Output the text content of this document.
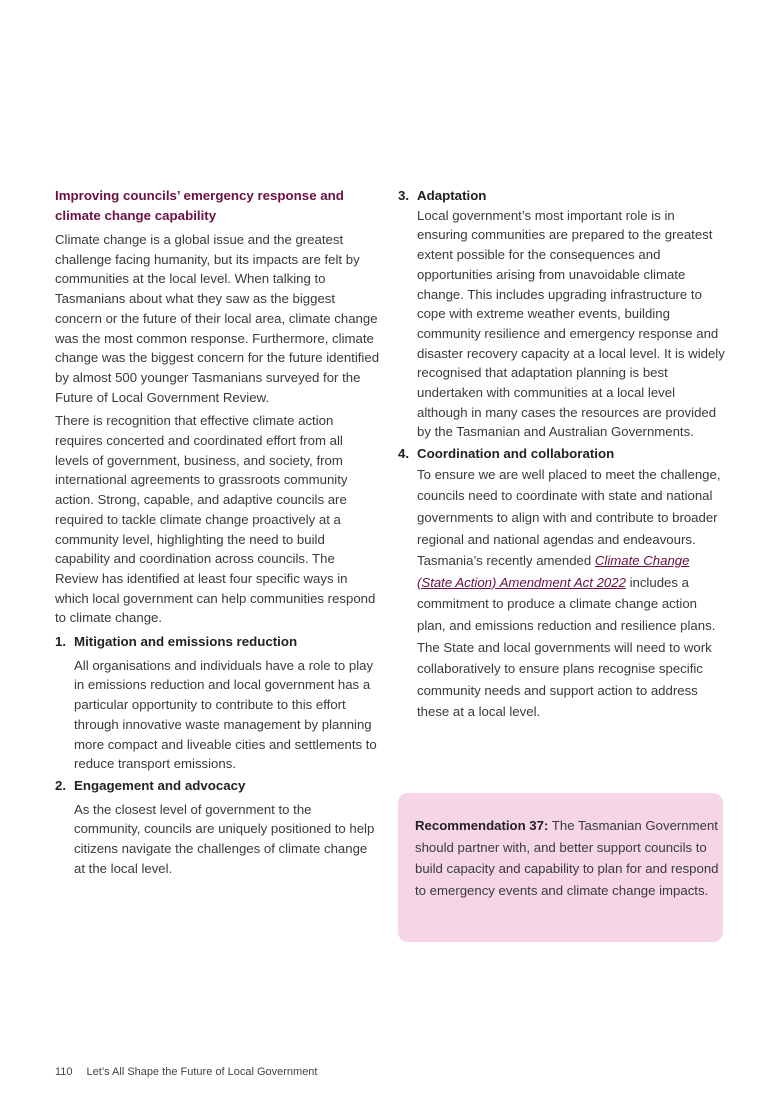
Improving councils’ emergency response and climate change capability

Climate change is a global issue and the greatest challenge facing humanity, but its impacts are felt by communities at the local level. When talking to Tasmanians about what they saw as the biggest concern or the future of their local area, climate change was the most common response. Furthermore, climate change was the biggest concern for the future identified by almost 500 younger Tasmanians surveyed for the Future of Local Government Review.

There is recognition that effective climate action requires concerted and coordinated effort from all levels of government, business, and society, from international agreements to grassroots community action. Strong, capable, and adaptive councils are required to tackle climate change proactively at a community level, highlighting the need to build capability and coordination across councils. The Review has identified at least four specific ways in which local government can help communities respond to climate change.

1. Mitigation and emissions reduction

All organisations and individuals have a role to play in emissions reduction and local government has a particular opportunity to contribute to this effort through innovative waste management by planning more compact and liveable cities and settlements to reduce transport emissions.

2. Engagement and advocacy

As the closest level of government to the community, councils are uniquely positioned to help citizens navigate the challenges of climate change at the local level.

3. Adaptation

Local government’s most important role is in ensuring communities are prepared to the greatest extent possible for the consequences and opportunities arising from unavoidable climate change. This includes upgrading infrastructure to cope with extreme weather events, building community resilience and emergency response and disaster recovery capacity at a local level. It is widely recognised that adaptation planning is best undertaken with communities at a local level although in many cases the resources are provided by the Tasmanian and Australian Governments.

4. Coordination and collaboration

To ensure we are well placed to meet the challenge, councils need to coordinate with state and national governments to align with and contribute to broader regional and national agendas and endeavours. Tasmania’s recently amended Climate Change (State Action) Amendment Act 2022 includes a commitment to produce a climate change action plan, and emissions reduction and resilience plans. The State and local governments will need to work collaboratively to ensure plans recognise specific community needs and support action to address these at a local level.

Recommendation 37: The Tasmanian Government should partner with, and better support councils to build capacity and capability to plan for and respond to emergency events and climate change impacts.

110 Let’s All Shape the Future of Local Government
